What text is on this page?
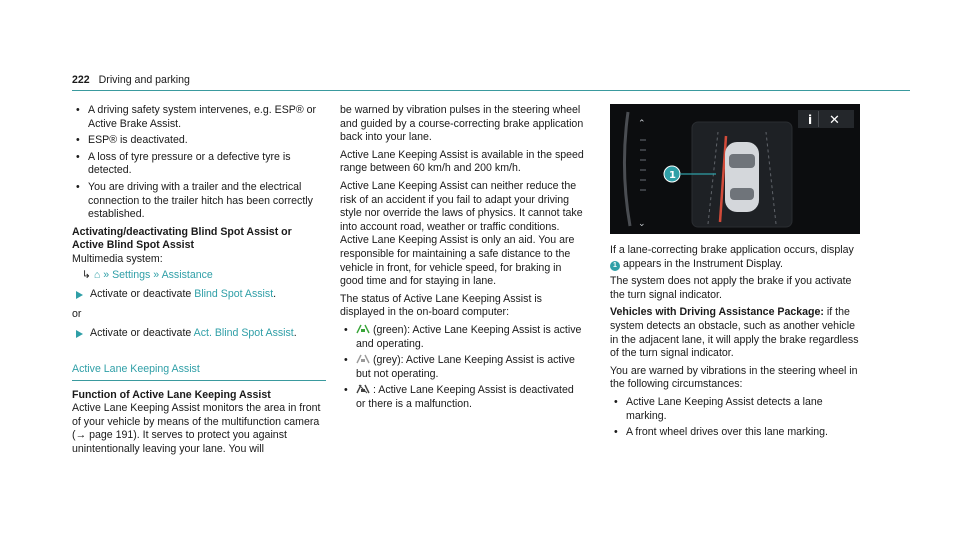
222 Driving and parking
• A driving safety system intervenes, e.g. ESP® or Active Brake Assist.
• ESP® is deactivated.
• A loss of tyre pressure or a defective tyre is detected.
• You are driving with a trailer and the electrical connection to the trailer hitch has been correctly established.
Activating/deactivating Blind Spot Assist or Active Blind Spot Assist
Multimedia system:
↳ ⌂ » Settings » Assistance
Activate or deactivate Blind Spot Assist.
or
Activate or deactivate Act. Blind Spot Assist.
Active Lane Keeping Assist
Function of Active Lane Keeping Assist

Active Lane Keeping Assist monitors the area in front of your vehicle by means of the multifunction camera (→ page 191). It serves to protect you against unintentionally leaving your lane. You will

be warned by vibration pulses in the steering wheel and guided by a course-correcting brake application back into your lane.

Active Lane Keeping Assist is available in the speed range between 60 km/h and 200 km/h.

Active Lane Keeping Assist can neither reduce the risk of an accident if you fail to adapt your driving style nor override the laws of physics. It cannot take into account road, weather or traffic conditions. Active Lane Keeping Assist is only an aid. You are responsible for maintaining a safe distance to the vehicle in front, for vehicle speed, for braking in good time and for staying in lane.

The status of Active Lane Keeping Assist is displayed in the on-board computer:

• (green): Active Lane Keeping Assist is active and operating.
• (grey): Active Lane Keeping Assist is active but not operating.
• : Active Lane Keeping Assist is deactivated or there is a malfunction.
⌃
⌄
i ✕
1

If a lane-correcting brake application occurs, display 1 appears in the Instrument Display.

The system does not apply the brake if you activate the turn signal indicator.

Vehicles with Driving Assistance Package: if the system detects an obstacle, such as another vehicle in the adjacent lane, it will apply the brake regardless of the turn signal indicator.

You are warned by vibrations in the steering wheel in the following circumstances:

• Active Lane Keeping Assist detects a lane marking.
• A front wheel drives over this lane marking.
